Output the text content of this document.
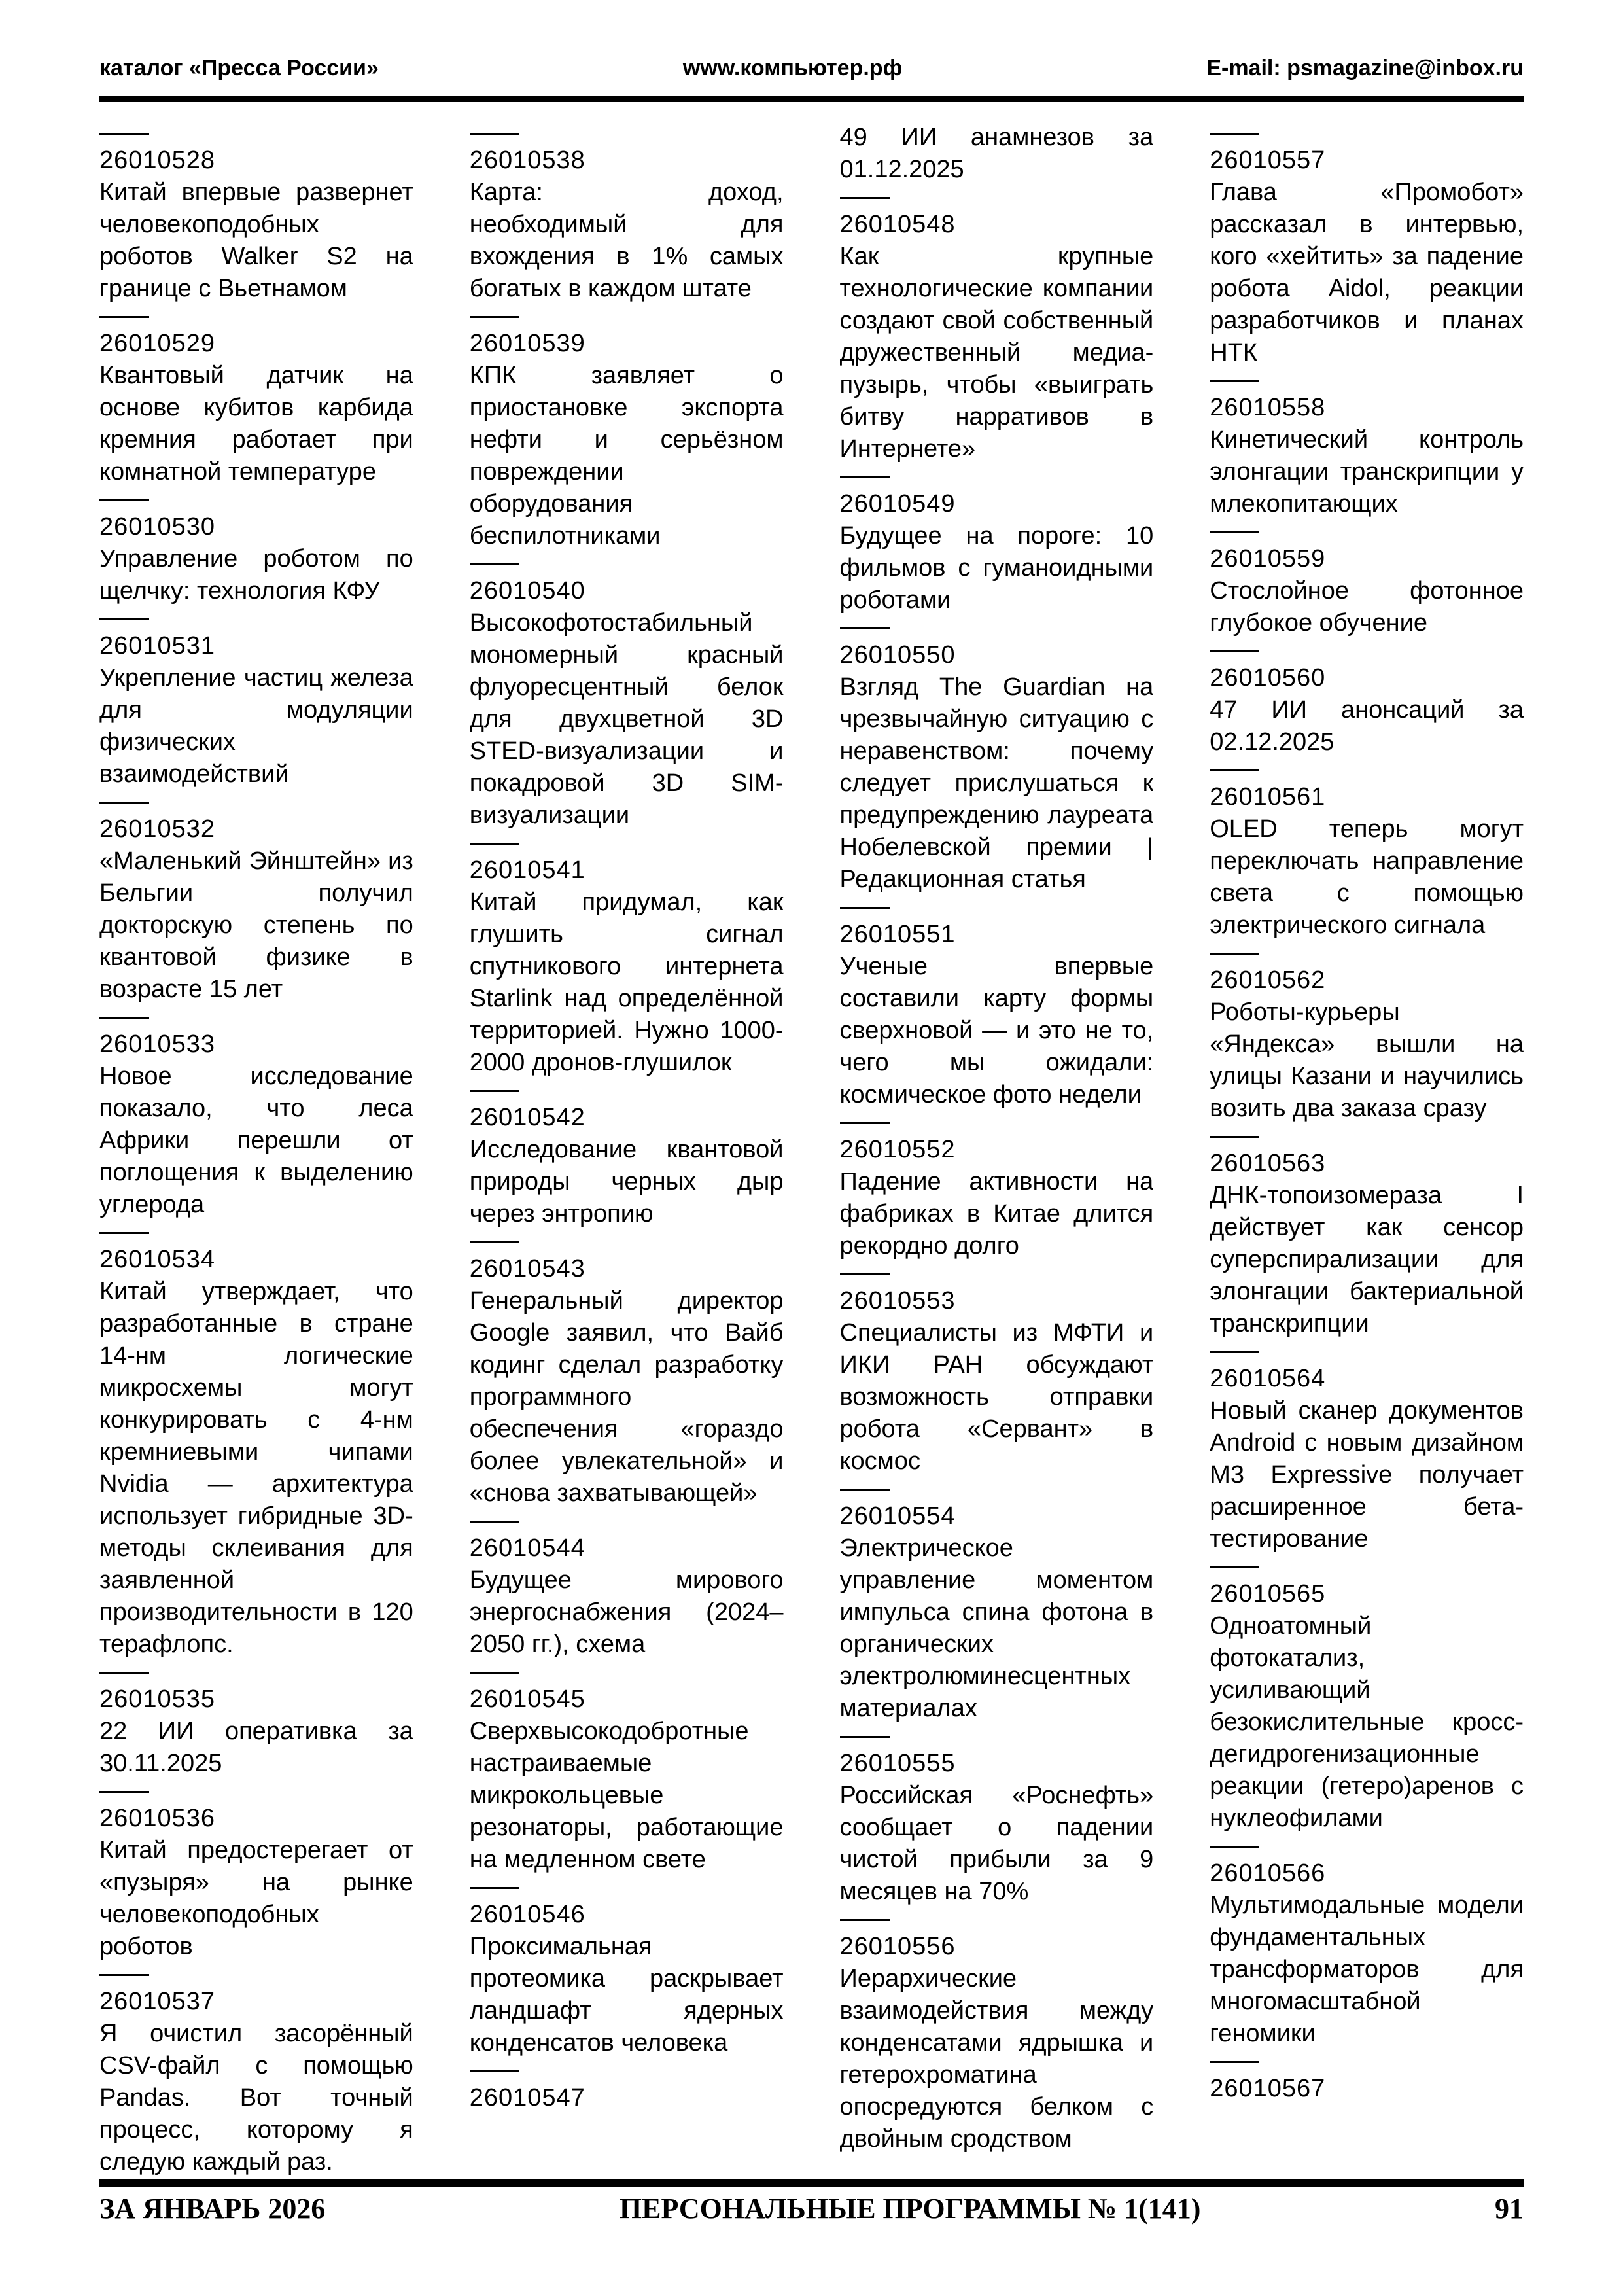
каталог «Пресса России»	www.компьютер.рф	E-mail: psmagazine@inbox.ru
26010528
Китай впервые развернет человекоподобных роботов Walker S2 на границе с Вьетнамом
26010529
Квантовый датчик на основе кубитов карбида кремния работает при комнатной температуре
26010530
Управление роботом по щелчку: технология КФУ
26010531
Укрепление частиц железа для модуляции физических взаимодействий
26010532
«Маленький Эйнштейн» из Бельгии получил докторскую степень по квантовой физике в возрасте 15 лет
26010533
Новое исследование показало, что леса Африки перешли от поглощения к выделению углерода
26010534
Китай утверждает, что разработанные в стране 14-нм логические микросхемы могут конкурировать с 4-нм кремниевыми чипами Nvidia — архитектура использует гибридные 3D-методы склеивания для заявленной производительности в 120 терафлопс.
26010535
22 ИИ оперативка за 30.11.2025
26010536
Китай предостерегает от «пузыря» на рынке человекоподобных роботов
26010537
Я очистил засорённый CSV-файл с помощью Pandas. Вот точный процесс, которому я следую каждый раз.
26010538
Карта: доход, необходимый для вхождения в 1% самых богатых в каждом штате
26010539
КПК заявляет о приостановке экспорта нефти и серьёзном повреждении оборудования беспилотниками
26010540
Высокофотостабильный мономерный красный флуоресцентный белок для двухцветной 3D STED-визуализации и покадровой 3D SIM-визуализации
26010541
Китай придумал, как глушить сигнал спутникового интернета Starlink над определённой территорией. Нужно 1000-2000 дронов-глушилок
26010542
Исследование квантовой природы черных дыр через энтропию
26010543
Генеральный директор Google заявил, что Вайб кодинг сделал разработку программного обеспечения «гораздо более увлекательной» и «снова захватывающей»
26010544
Будущее мирового энергоснабжения (2024–2050 гг.), схема
26010545
Сверхвысокодобротные настраиваемые микрокольцевые резонаторы, работающие на медленном свете
26010546
Проксимальная протеомика раскрывает ландшафт ядерных конденсатов человека
26010547
49 ИИ анамнезов за 01.12.2025
26010548
Как крупные технологические компании создают свой собственный дружественный медиа-пузырь, чтобы «выиграть битву нарративов в Интернете»
26010549
Будущее на пороге: 10 фильмов с гуманоидными роботами
26010550
Взгляд The Guardian на чрезвычайную ситуацию с неравенством: почему следует прислушаться к предупреждению лауреата Нобелевской премии | Редакционная статья
26010551
Ученые впервые составили карту формы сверхновой — и это не то, чего мы ожидали: космическое фото недели
26010552
Падение активности на фабриках в Китае длится рекордно долго
26010553
Специалисты из МФТИ и ИКИ РАН обсуждают возможность отправки робота «Сервант» в космос
26010554
Электрическое управление моментом импульса спина фотона в органических электролюминесцентных материалах
26010555
Российская «Роснефть» сообщает о падении чистой прибыли за 9 месяцев на 70%
26010556
Иерархические взаимодействия между конденсатами ядрышка и гетерохроматина опосредуются белком с двойным сродством
26010557
Глава «Промобот» рассказал в интервью, кого «хейтить» за падение робота Aidol, реакции разработчиков и планах НТК
26010558
Кинетический контроль элонгации транскрипции у млекопитающих
26010559
Стослойное фотонное глубокое обучение
26010560
47 ИИ анонсаций за 02.12.2025
26010561
OLED теперь могут переключать направление света с помощью электрического сигнала
26010562
Роботы-курьеры «Яндекса» вышли на улицы Казани и научились возить два заказа сразу
26010563
ДНК-топоизомераза I действует как сенсор суперспирализации для элонгации бактериальной транскрипции
26010564
Новый сканер документов Android с новым дизайном M3 Expressive получает расширенное бета-тестирование
26010565
Одноатомный фотокатализ, усиливающий безокислительные кросс-дегидрогенизационные реакции (гетеро)аренов с нуклеофилами
26010566
Мультимодальные модели фундаментальных трансформаторов для многомасштабной геномики
26010567
ЗА ЯНВАРЬ 2026	ПЕРСОНАЛЬНЫЕ ПРОГРАММЫ № 1(141)	91
